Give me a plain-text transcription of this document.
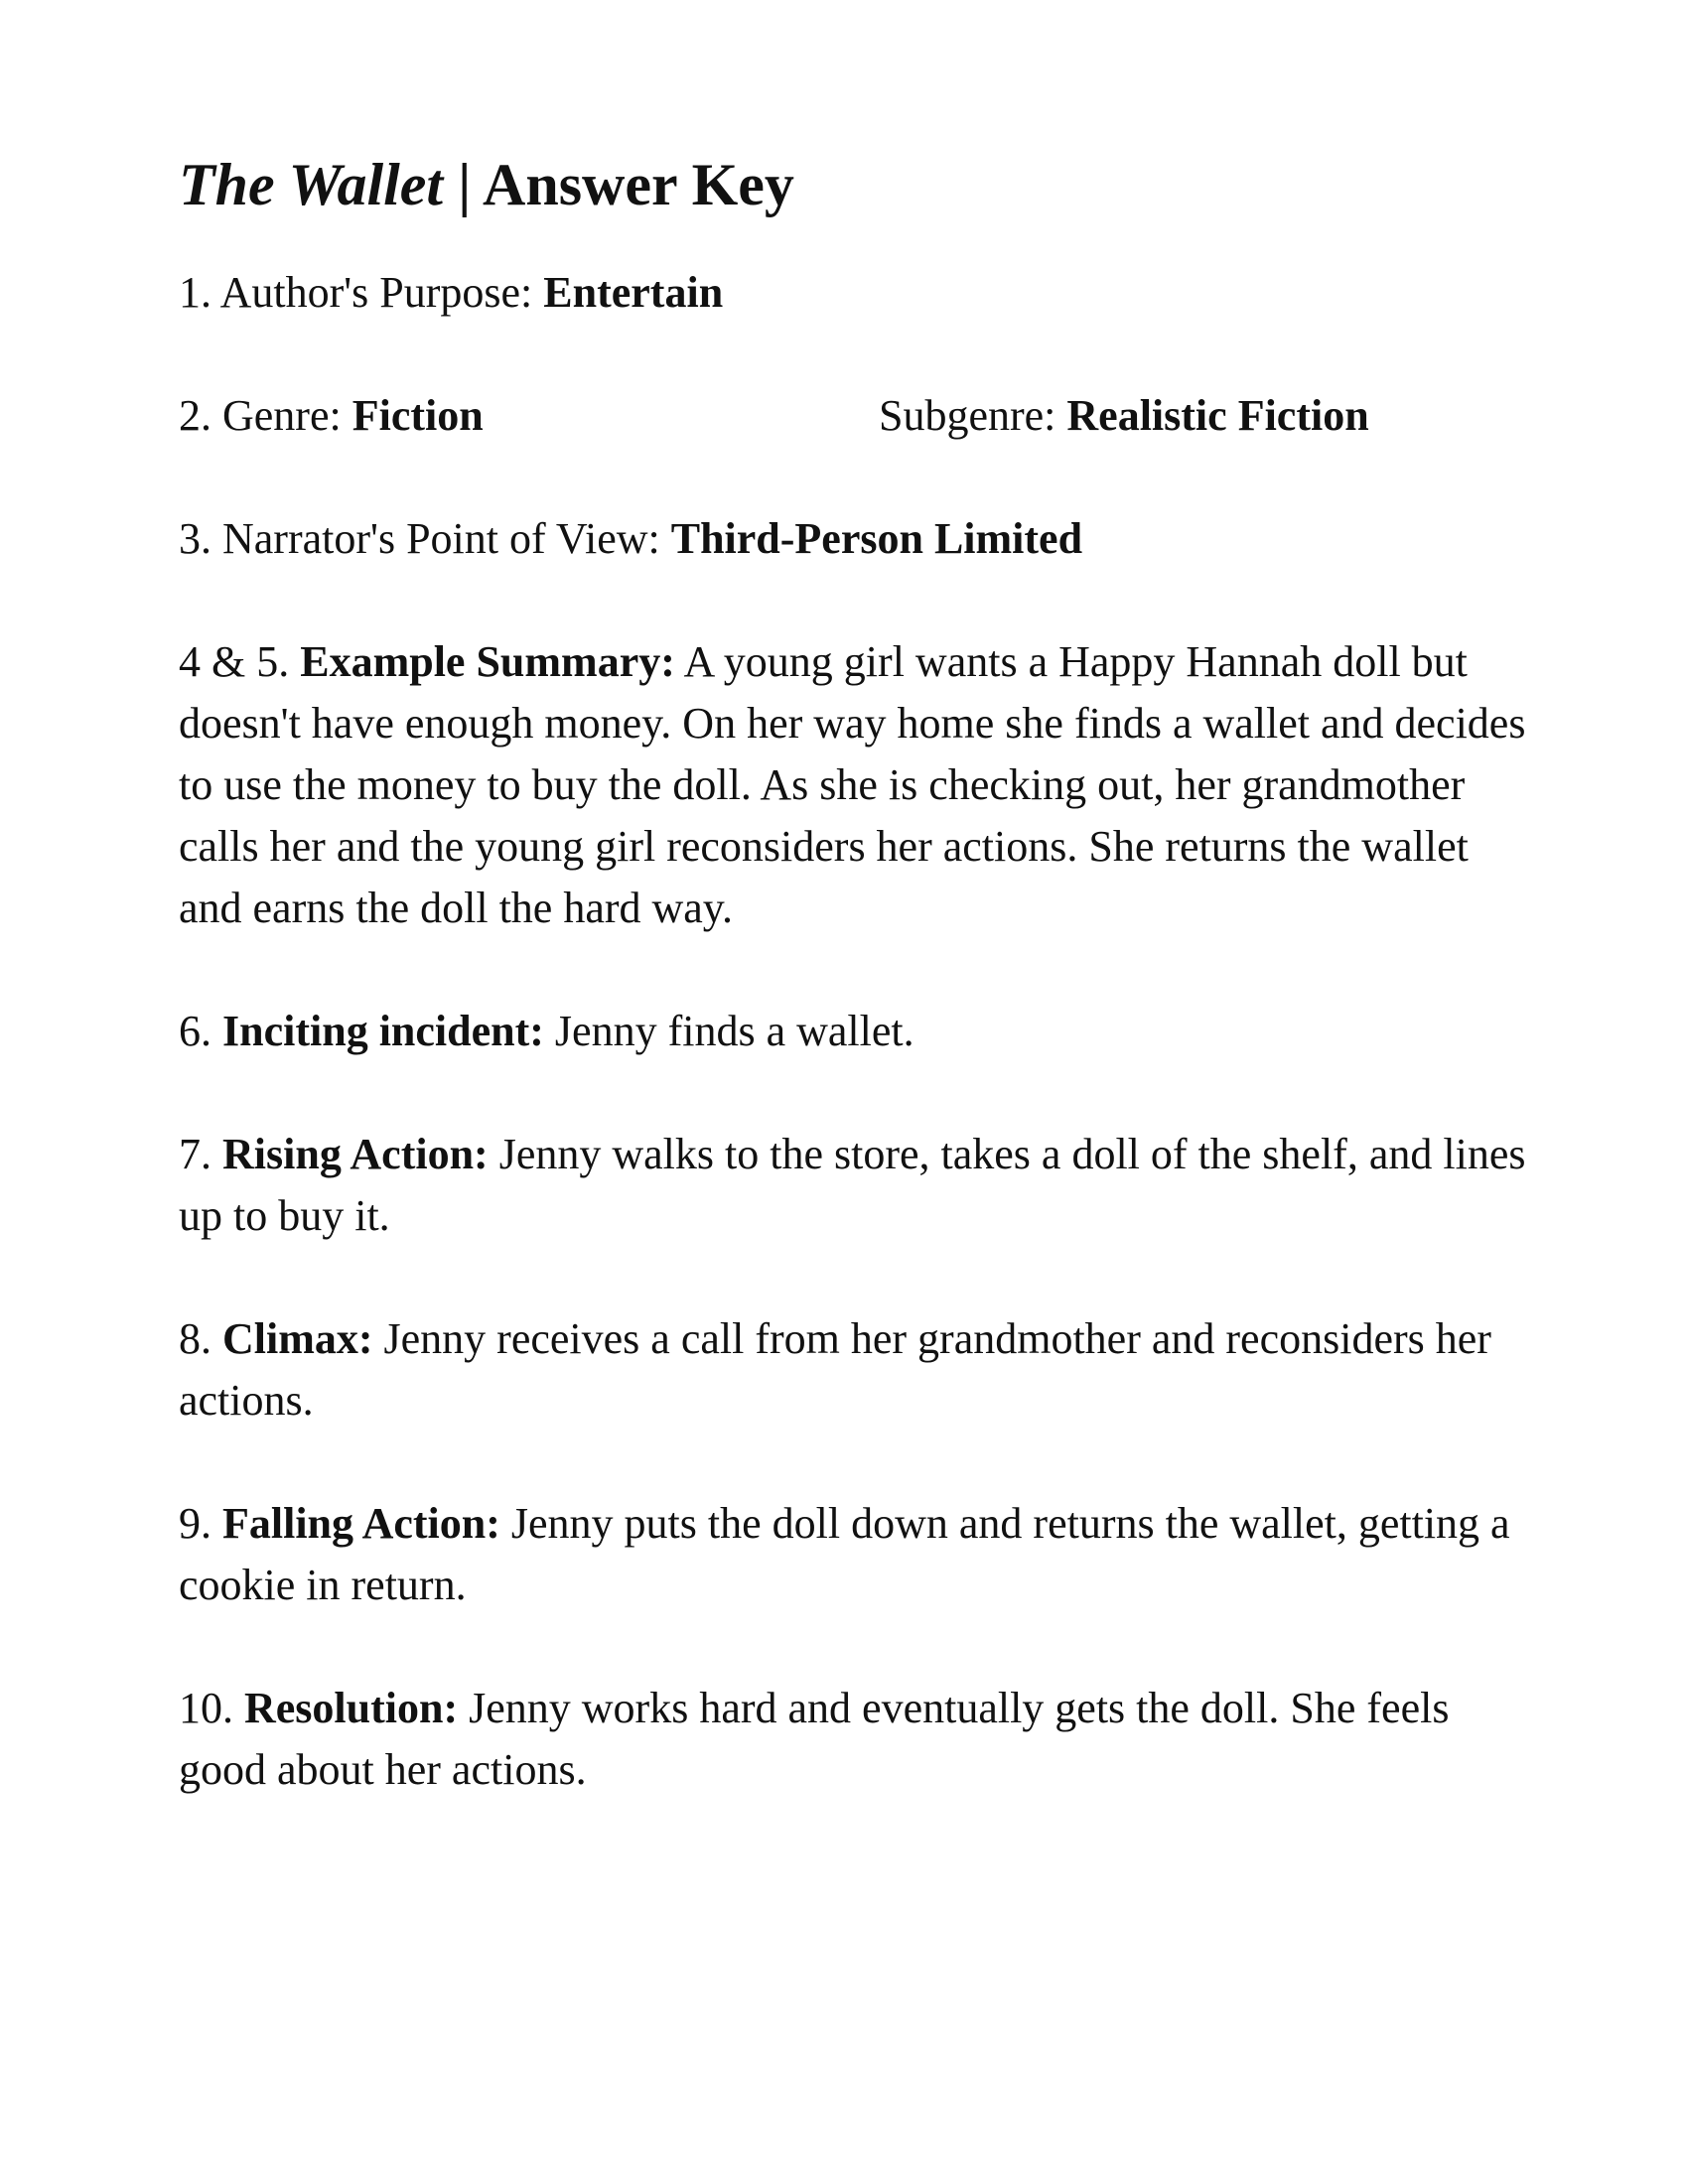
The Wallet | Answer Key
1. Author's Purpose: Entertain
2. Genre: Fiction	Subgenre: Realistic Fiction
3. Narrator's Point of View: Third-Person Limited
4 & 5. Example Summary: A young girl wants a Happy Hannah doll but doesn't have enough money. On her way home she finds a wallet and decides to use the money to buy the doll. As she is checking out, her grandmother calls her and the young girl reconsiders her actions. She returns the wallet and earns the doll the hard way.
6. Inciting incident: Jenny finds a wallet.
7. Rising Action: Jenny walks to the store, takes a doll of the shelf, and lines up to buy it.
8. Climax: Jenny receives a call from her grandmother and reconsiders her actions.
9. Falling Action: Jenny puts the doll down and returns the wallet, getting a cookie in return.
10. Resolution: Jenny works hard and eventually gets the doll. She feels good about her actions.
